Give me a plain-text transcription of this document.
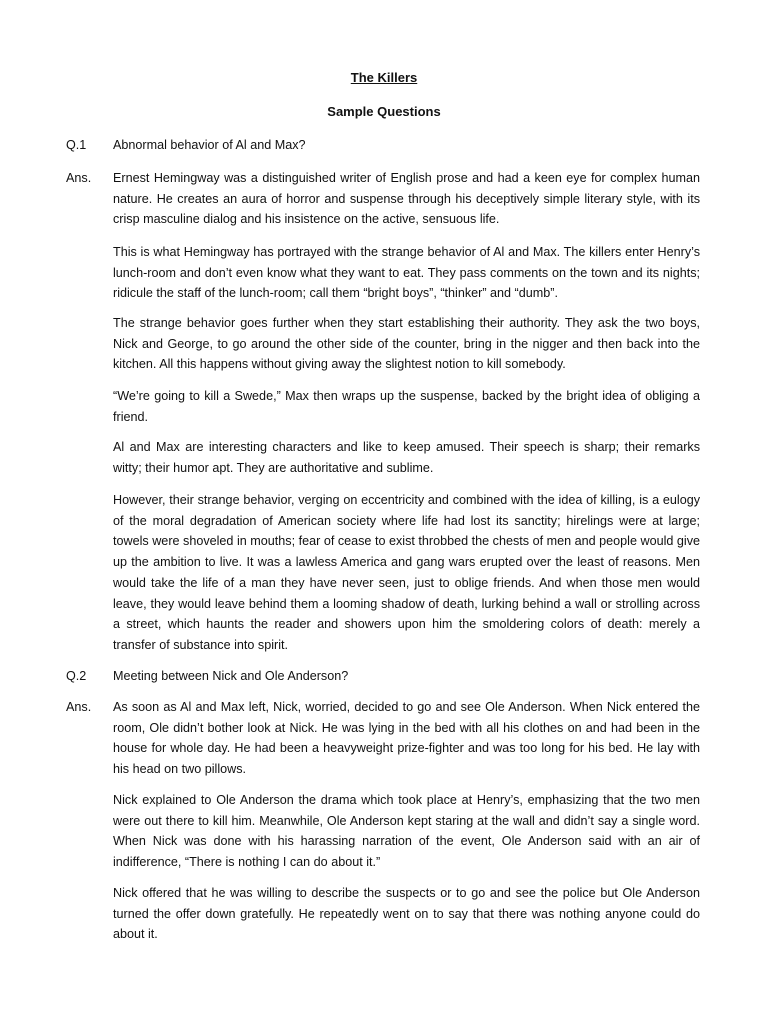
The Killers
Sample Questions
Q.1	Abnormal behavior of Al and Max?
Ans.	Ernest Hemingway was a distinguished writer of English prose and had a keen eye for complex human nature. He creates an aura of horror and suspense through his deceptively simple literary style, with its crisp masculine dialog and his insistence on the active, sensuous life.
This is what Hemingway has portrayed with the strange behavior of Al and Max. The killers enter Henry’s lunch-room and don’t even know what they want to eat. They pass comments on the town and its nights; ridicule the staff of the lunch-room; call them “bright boys”, “thinker” and “dumb”.
The strange behavior goes further when they start establishing their authority. They ask the two boys, Nick and George, to go around the other side of the counter, bring in the nigger and then back into the kitchen. All this happens without giving away the slightest notion to kill somebody.
“We’re going to kill a Swede,” Max then wraps up the suspense, backed by the bright idea of obliging a friend.
Al and Max are interesting characters and like to keep amused. Their speech is sharp; their remarks witty; their humor apt. They are authoritative and sublime.
However, their strange behavior, verging on eccentricity and combined with the idea of killing, is a eulogy of the moral degradation of American society where life had lost its sanctity; hirelings were at large; towels were shoveled in mouths; fear of cease to exist throbbed the chests of men and people would give up the ambition to live. It was a lawless America and gang wars erupted over the least of reasons. Men would take the life of a man they have never seen, just to oblige friends. And when those men would leave, they would leave behind them a looming shadow of death, lurking behind a wall or strolling across a street, which haunts the reader and showers upon him the smoldering colors of death: merely a transfer of substance into spirit.
Q.2	Meeting between Nick and Ole Anderson?
Ans.	As soon as Al and Max left, Nick, worried, decided to go and see Ole Anderson. When Nick entered the room, Ole didn’t bother look at Nick. He was lying in the bed with all his clothes on and had been in the house for whole day. He had been a heavyweight prize-fighter and was too long for his bed. He lay with his head on two pillows.
Nick explained to Ole Anderson the drama which took place at Henry’s, emphasizing that the two men were out there to kill him. Meanwhile, Ole Anderson kept staring at the wall and didn’t say a single word. When Nick was done with his harassing narration of the event, Ole Anderson said with an air of indifference, “There is nothing I can do about it.”
Nick offered that he was willing to describe the suspects or to go and see the police but Ole Anderson turned the offer down gratefully. He repeatedly went on to say that there was nothing anyone could do about it.
